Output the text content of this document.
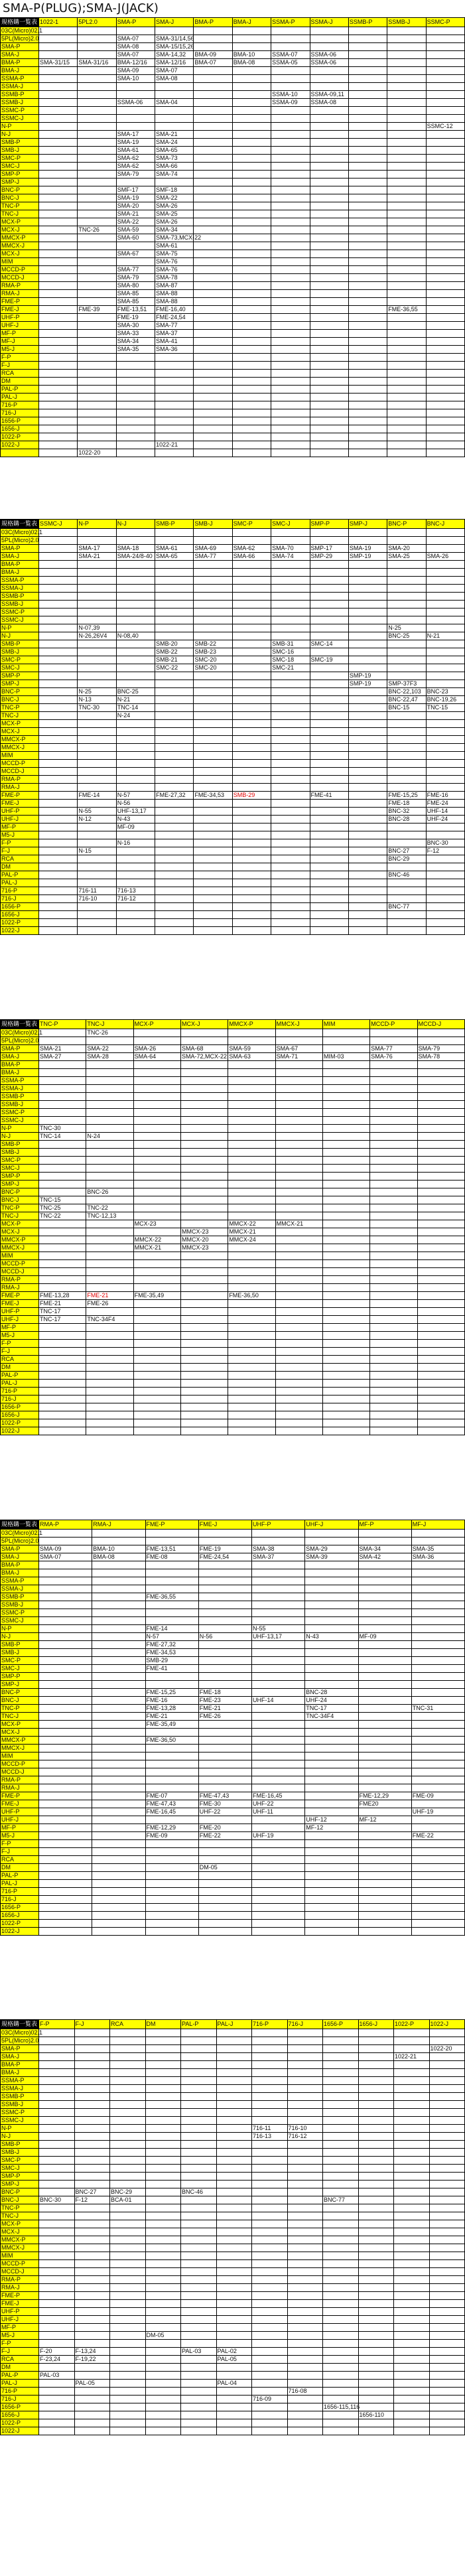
SMA-P(PLUG);SMA-J(JACK)
規格購一覧表	1022-1	5PL2.0	SMA-P	SMA-J	BMA-P	BMA-J	SSMA-P	SSMA-J	SSMB-P	SSMB-J	SSMC-P
03C(Micro)02.1											
5PL(Micro)2.0			SMA-07	SMA-31/14,56							
SMA-P			SMA-08	SMA-15/15,26							
SMA-J			SMA-07	SMA-14,32	BMA-09	BMA-10	SSMA-07	SSMA-06			
BMA-P	SMA-31/15	SMA-31/16	BMA-12/16	SMA-12/16	BMA-07	BMA-08	SSMA-05	SSMA-06			
BMA-J			SMA-09	SMA-07							
SSMA-P			SMA-10	SMA-08							
SSMA-J											
SSMB-P							SSMA-10	SSMA-09,11			
SSMB-J			SSMA-06	SMA-04			SSMA-09	SSMA-08			
SSMC-P											
SSMC-J											
N-P											SSMC-12
N-J			SMA-17	SMA-21							
SMB-P			SMA-19	SMA-24							
SMB-J			SMA-61	SMA-65							
SMC-P			SMA-62	SMA-73							
SMC-J			SMA-62	SMA-66							
SMP-P			SMA-79	SMA-74							
SMP-J											
BNC-P			SMF-17	SMF-18							
BNC-J			SMA-19	SMA-22							
TNC-P			SMA-20	SMA-26							
TNC-J			SMA-21	SMA-25							
MCX-P			SMA-22	SMA-26							
MCX-J		TNC-26	SMA-59	SMA-34							
MMCX-P			SMA-60	SMA-73,MCX-22							
MMCX-J				SMA-61							
MCX-J			SMA-67	SMA-75							
MIM				SMA-76							
MCCD-P			SMA-77	SMA-76							
MCCD-J			SMA-79	SMA-78							
RMA-P			SMA-80	SMA-87							
RMA-J			SMA-85	SMA-88							
FME-P			SMA-85	SMA-88							
FME-J		FME-39	FME-13,51	FME-16,40						FME-36,55	
UHF-P			FME-19	FME-24,54							
UHF-J			SMA-30	SMA-77							
MF-P			SMA-33	SMA-37							
MF-J			SMA-34	SMA-41							
M5-J			SMA-35	SMA-36							
F-P											
F-J											
RCA											
DM											
PAL-P											
PAL-J											
716-P											
716-J											
1656-P											
1656-J											
1022-P											
1022-J				1022-21							
		1022-20									
規格購一覧表	SSMC-J	N-P	N-J	SMB-P	SMB-J	SMC-P	SMC-J	SMP-P	SMP-J	BNC-P	BNC-J
03C(Micro)02.1											
5PL(Micro)2.0											
SMA-P		SMA-17	SMA-18	SMA-61	SMA-69	SMA-62	SMA-70	SMP-17	SMA-19	SMA-20	
SMA-J		SMA-21	SMA-24/8-40	SMA-65	SMA-77	SMA-66	SMA-74	SMP-29	SMP-19	SMA-25	SMA-26
BMA-P											
BMA-J											
SSMA-P											
SSMA-J											
SSMB-P											
SSMB-J											
SSMC-P											
SSMC-J											
N-P		N-07,39								N-25	
N-J		N-26,26V4	N-08,40							BNC-25	N-21
SMB-P				SMB-20	SMB-22		SMB-31	SMC-14			
SMB-J				SMB-22	SMB-23		SMC-16				
SMC-P				SMB-21	SMC-20		SMC-18	SMC-19			
SMC-J				SMC-22	SMC-20		SMC-21				
SMP-P									SMP-19		
SMP-J									SMP-19	SMP-37F3	
BNC-P		N-25	BNC-25							BNC-22,103	BNC-23
BNC-J		N-13	N-21							BNC-22,47	BNC-19,26
TNC-P		TNC-30	TNC-14							BNC-15	TNC-15
TNC-J			N-24								
MCX-P											
MCX-J											
MMCX-P											
MMCX-J											
MIM											
MCCD-P											
MCCD-J											
RMA-P											
RMA-J											
FME-P		FME-14	N-57	FME-27,32	FME-34,53	SMB-29		FME-41		FME-15,25	FME-16
FME-J			N-56							FME-18	FME-24
UHF-P		N-55	UHF-13,17							BNC-32	UHF-14
UHF-J		N-12	N-43							BNC-28	UHF-24
MF-P			MF-09								
M5-J											
F-P			N-16								BNC-30
F-J		N-15								BNC-27	F-12
RCA										BNC-29	
DM											
PAL-P										BNC-46	
PAL-J											
716-P		716-11	716-13								
716-J		716-10	716-12								
1656-P										BNC-77	
1656-J											
1022-P											
1022-J											
規格購一覧表	TNC-P	TNC-J	MCX-P	MCX-J	MMCX-P	MMCX-J	MIM	MCCD-P	MCCD-J
03C(Micro)02.1		TNC-26							
5PL(Micro)2.0									
SMA-P	SMA-21	SMA-22	SMA-26	SMA-68	SMA-59	SMA-67		SMA-77	SMA-79
SMA-J	SMA-27	SMA-28	SMA-64	SMA-72,MCX-22	SMA-63	SMA-71	MIM-03	SMA-76	SMA-78
BMA-P									
BMA-J									
SSMA-P									
SSMA-J									
SSMB-P									
SSMB-J									
SSMC-P									
SSMC-J									
N-P	TNC-30								
N-J	TNC-14	N-24							
SMB-P									
SMB-J									
SMC-P									
SMC-J									
SMP-P									
SMP-J									
BNC-P		BNC-26							
BNC-J	TNC-15								
TNC-P	TNC-25	TNC-22							
TNC-J	TNC-22	TNC-12,13							
MCX-P			MCX-23		MMCX-22	MMCX-21			
MCX-J				MMCX-23	MMCX-21				
MMCX-P			MMCX-22	MMCX-20	MMCX-24				
MMCX-J			MMCX-21	MMCX-23					
MIM									
MCCD-P									
MCCD-J									
RMA-P									
RMA-J									
FME-P	FME-13,28	FME-21	FME-35,49		FME-36,50				
FME-J	FME-21	FME-26							
UHF-P	TNC-17								
UHF-J	TNC-17	TNC-34F4							
MF-P									
M5-J									
F-P									
F-J									
RCA									
DM									
PAL-P									
PAL-J									
716-P									
716-J									
1656-P									
1656-J									
1022-P									
1022-J									
規格購一覧表	RMA-P	RMA-J	FME-P	FME-J	UHF-P	UHF-J	MF-P	MF-J
03C(Micro)02.1								
5PL(Micro)2.0								
SMA-P	SMA-09	BMA-10	FME-13,51	FME-19	SMA-38	SMA-29	SMA-34	SMA-35
SMA-J	SMA-07	BMA-08	FME-08	FME-24,54	SMA-37	SMA-39	SMA-42	SMA-36
BMA-P								
BMA-J								
SSMA-P								
SSMA-J								
SSMB-P			FME-36,55					
SSMB-J								
SSMC-P								
SSMC-J								
N-P			FME-14		N-55			
N-J			N-57	N-56	UHF-13,17	N-43	MF-09	
SMB-P			FME-27,32					
SMB-J			FME-34,53					
SMC-P			SMB-29					
SMC-J			FME-41					
SMP-P								
SMP-J								
BNC-P			FME-15,25	FME-18		BNC-28		
BNC-J			FME-16	FME-23	UHF-14	UHF-24		
TNC-P			FME-13,28	FME-21		TNC-17		TNC-31
TNC-J			FME-21	FME-26		TNC-34F4		
MCX-P			FME-35,49					
MCX-J								
MMCX-P			FME-36,50					
MMCX-J								
MIM								
MCCD-P								
MCCD-J								
RMA-P								
RMA-J								
FME-P			FME-07	FME-47,43	FME-16,45		FME-12,29	FME-09
FME-J			FME-47,43	FME-30	UHF-22		FME20	
UHF-P			FME-16,45	UHF-22	UHF-11			UHF-19
UHF-J						UHF-12	MF-12	
MF-P			FME-12,29	FME-20		MF-12		
M5-J			FME-09	FME-22	UHF-19			FME-22
F-P								
F-J								
RCA								
DM				DM-05				
PAL-P								
PAL-J								
716-P								
716-J								
1656-P								
1656-J								
1022-P								
1022-J								
規格購一覧表	F-P	F-J	RCA	DM	PAL-P	PAL-J	716-P	716-J	1656-P	1656-J	1022-P	1022-J
03C(Micro)02.1												
5PL(Micro)2.0												
SMA-P												1022-20
SMA-J											1022-21	
BMA-P												
BMA-J												
SSMA-P												
SSMA-J												
SSMB-P												
SSMB-J												
SSMC-P												
SSMC-J												
N-P							716-11	716-10				
N-J							716-13	716-12				
SMB-P												
SMB-J												
SMC-P												
SMC-J												
SMP-P												
SMP-J												
BNC-P		BNC-27	BNC-29		BNC-46							
BNC-J	BNC-30	F-12	BCA-01						BNC-77			
TNC-P												
TNC-J												
MCX-P												
MCX-J												
MMCX-P												
MMCX-J												
MIM												
MCCD-P												
MCCD-J												
RMA-P												
RMA-J												
FME-P												
FME-J												
UHF-P												
UHF-J												
MF-P												
M5-J				DM-05								
F-P												
F-J	F-20	F-13,24			PAL-03	PAL-02						
RCA	F-23,24	F-19,22				PAL-05						
DM												
PAL-P	PAL-03											
PAL-J		PAL-05				PAL-04						
716-P								716-08				
716-J							716-09					
1656-P									1656-115,116			
1656-J										1656-110		
1022-P												
1022-J												
